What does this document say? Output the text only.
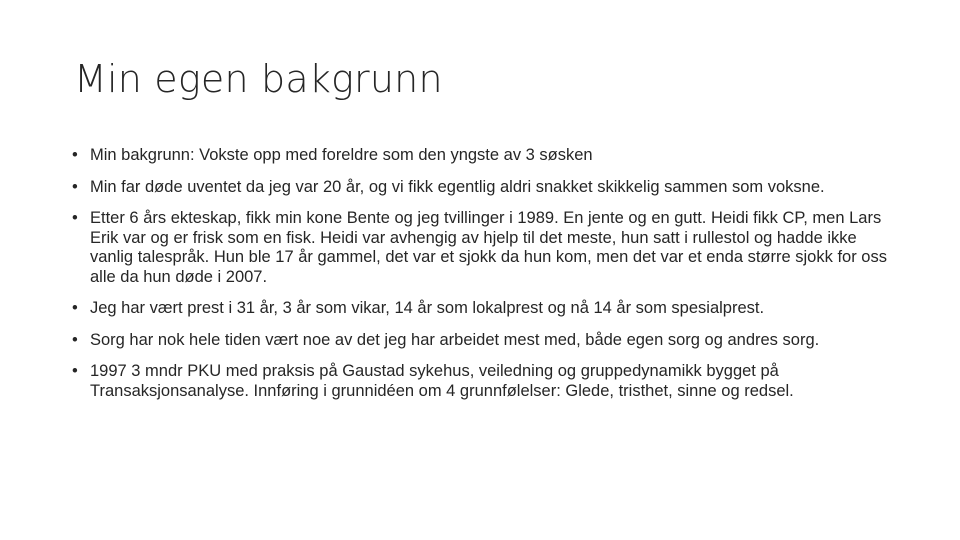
Min egen bakgrunn
• Min bakgrunn: Vokste opp med foreldre som den yngste av 3 søsken
• Min far døde uventet da jeg var 20 år, og vi fikk egentlig aldri snakket skikkelig sammen som voksne.
• Etter 6 års ekteskap, fikk min kone Bente og jeg tvillinger i 1989. En jente og en gutt. Heidi fikk CP, men Lars Erik var og er frisk som en fisk. Heidi var avhengig av hjelp til det meste, hun satt i rullestol og hadde ikke vanlig talespråk. Hun ble 17 år gammel, det var et sjokk da hun kom, men det var et enda større sjokk for oss alle da hun døde i 2007.
• Jeg har vært prest i 31 år, 3 år som vikar, 14 år som lokalprest og nå 14 år som spesialprest.
• Sorg har nok hele tiden vært noe av det jeg har arbeidet mest med, både egen sorg og andres sorg.
• 1997 3 mndr PKU med praksis på Gaustad sykehus, veiledning og gruppedynamikk bygget på Transaksjonsanalyse. Innføring i grunnidéen om 4 grunnfølelser: Glede, tristhet, sinne og redsel.
